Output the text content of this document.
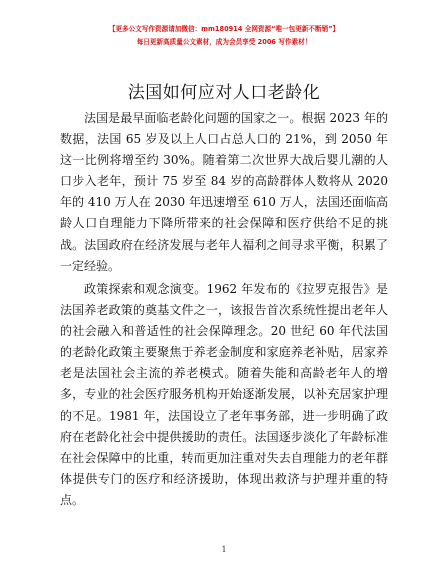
【更多公文写作资源请加微信：mm180914 全网资源“唯一包更新不断销”】
每日更新高质量公文素材，成为会员享受 2006 写作素材！
法国如何应对人口老龄化
法国是最早面临老龄化问题的国家之一。根据 2023 年的
数据，法国 65 岁及以上人口占总人口的 21%，到 2050 年
这一比例将增至约 30%。随着第二次世界大战后婴儿潮的人
口步入老年，预计 75 岁至 84 岁的高龄群体人数将从 2020
年的 410 万人在 2030 年迅速增至 610 万人，法国还面临高
龄人口自理能力下降所带来的社会保障和医疗供给不足的挑
战。法国政府在经济发展与老年人福利之间寻求平衡，积累了
一定经验。
政策探索和观念演变。1962 年发布的《拉罗克报告》是
法国养老政策的奠基文件之一，该报告首次系统性提出老年人
的社会融入和普适性的社会保障理念。20 世纪 60 年代法国
的老龄化政策主要聚焦于养老金制度和家庭养老补贴，居家养
老是法国社会主流的养老模式。随着失能和高龄老年人的增
多，专业的社会医疗服务机构开始逐渐发展，以补充居家护理
的不足。1981 年，法国设立了老年事务部，进一步明确了政
府在老龄化社会中提供援助的责任。法国逐步淡化了年龄标准
在社会保障中的比重，转而更加注重对失去自理能力的老年群
体提供专门的医疗和经济援助，体现出救济与护理并重的特
点。
1
